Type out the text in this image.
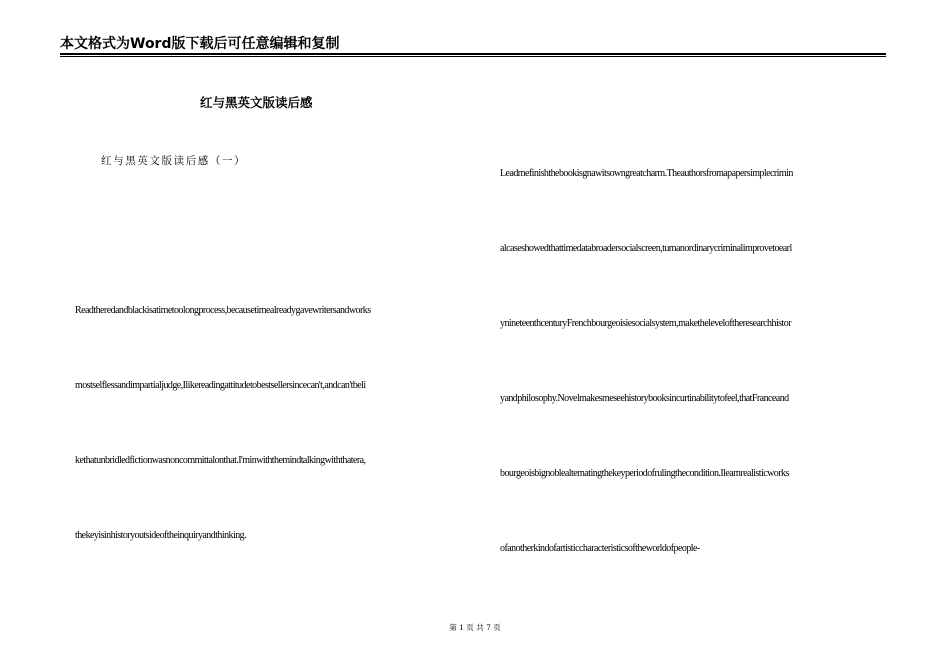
本文格式为Word版下载后可任意编辑和复制
红与黑英文版读后感
红与黑英文版读后感（一）
Readtheredandblackisatimetoolongprocess,becausetimealreadygavewritersandworks
mostselflessandimpartialjudge,Ilikereadingattitudetobestsellersincecan't,andcan'tbeli
kethatunbridledfictionwasnoncommittalonthat.I'minwiththemindtalkingwiththatera,
thekeyisinhistoryoutsideoftheinquiryandthinking.
Leadmefinishthebookisgnawitsowngreatcharm.Theauthorsfromapapersimplecrimin
alcaseshowedthattimedatabroadersocialscreen,turnanordinarycriminalimprovetoearl
ynineteenthcenturyFrenchbourgeoisiesocialsystem,maketheleveloftheresearchhistor
yandphilosophy.Novelmakesmeseehistorybooksincurtinabilitytofeel,thatFranceand
bourgeoisbignoblealternatingthekeyperiodofrulingthecondition.Ilearnrealisticworks
ofanotherkindofartisticcharacteristicsoftheworldofpeople-
第 1 页 共 7 页
